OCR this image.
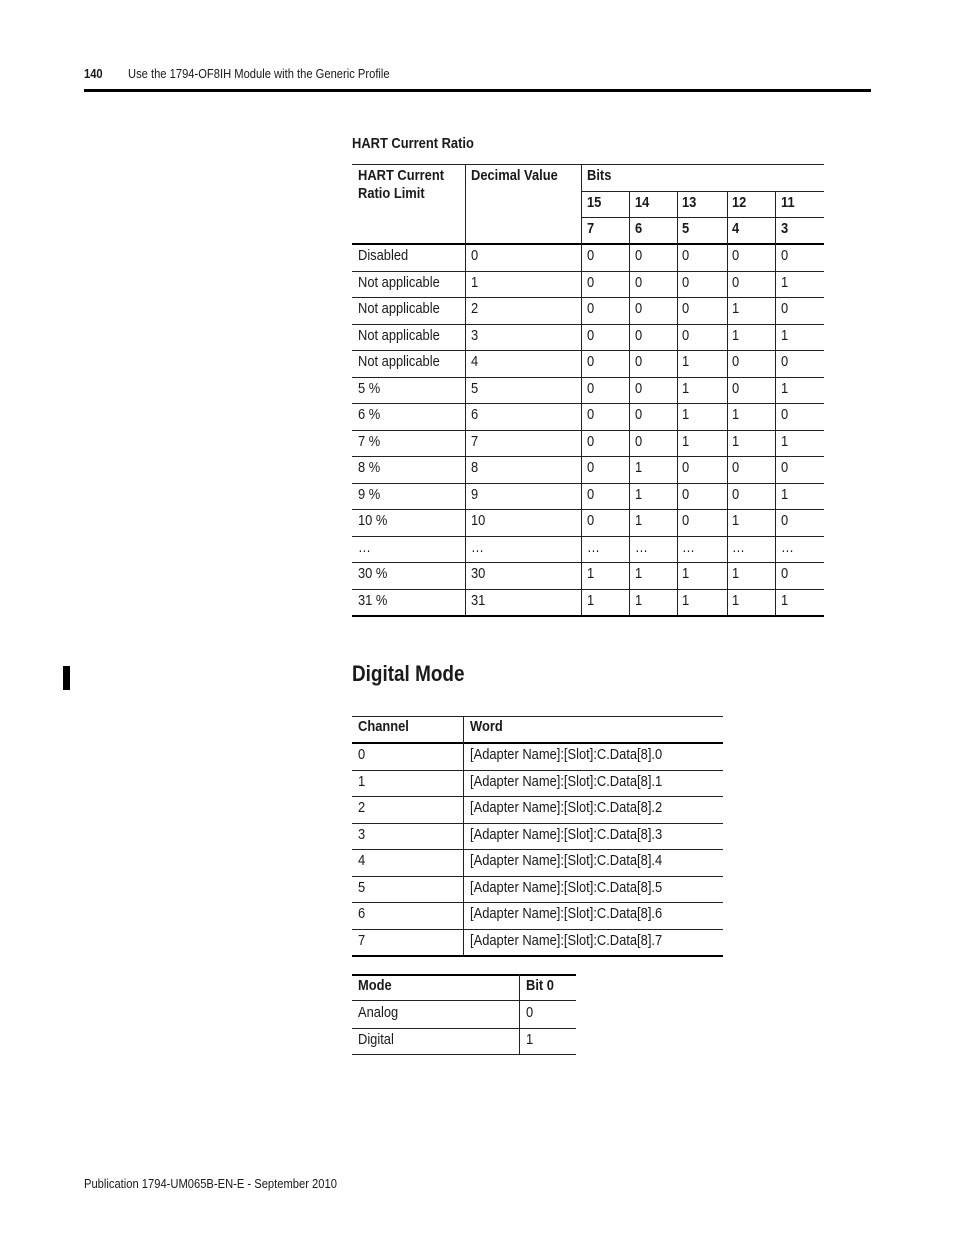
140 Use the 1794-OF8IH Module with the Generic Profile
HART Current Ratio
HART Current
Ratio Limit
Decimal Value	Bits
15 14 13 12 11
7	6	5	4	3
Disabled	0	0	0	0	0	0
Not applicable	1	0	0	0	0	1
Not applicable	2	0	0	0	1	0
Not applicable	3	0	0	0	1	1
Not applicable	4	0	0	1	0	0
5 %	5	0	0	1	0	1
6 %	6	0	0	1	1	0
7 %	7	0	0	1	1	1
8 %	8	0	1	0	0	0
9 %	9	0	1	0	0	1
10 %	10	0	1	0	1	0
…	…	… … … … …
30 %	30	1	1	1	1	0
31 %	31	1	1	1	1	1
Digital Mode
Channel	Word
0	[Adapter Name]:[Slot]:C.Data[8].0
1	[Adapter Name]:[Slot]:C.Data[8].1
2	[Adapter Name]:[Slot]:C.Data[8].2
3	[Adapter Name]:[Slot]:C.Data[8].3
4	[Adapter Name]:[Slot]:C.Data[8].4
5	[Adapter Name]:[Slot]:C.Data[8].5
6	[Adapter Name]:[Slot]:C.Data[8].6
7	[Adapter Name]:[Slot]:C.Data[8].7
Mode	Bit 0
Analog	0
Digital	1
Publication 1794-UM065B-EN-E - September 2010
